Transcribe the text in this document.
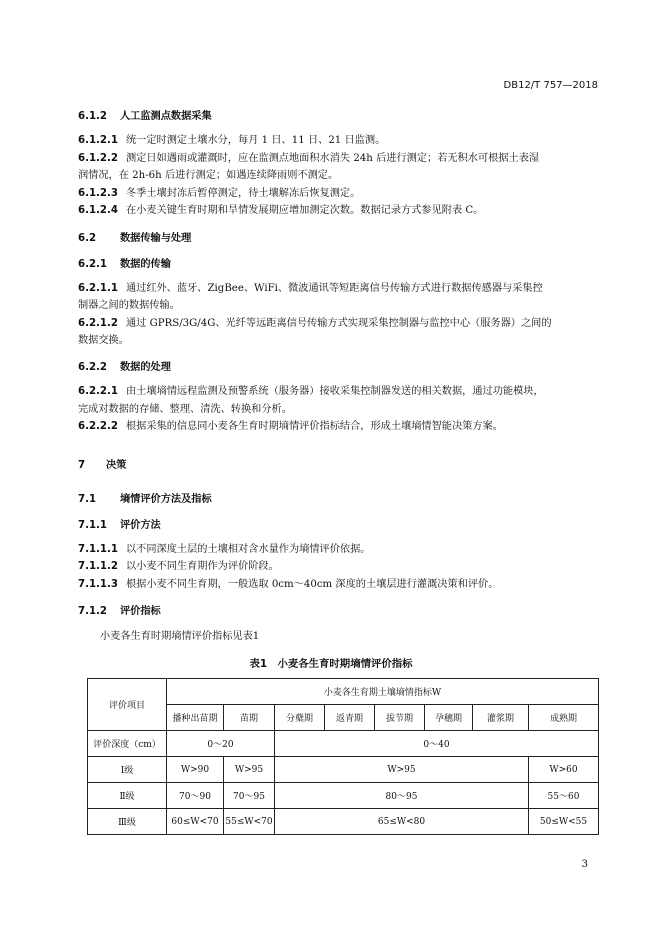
DB12/T 757—2018
6.1.2 人工监测点数据采集
6.1.2.1 统一定时测定土壤水分，每月 1 日、11 日、21 日监测。
6.1.2.2 测定日如遇雨或灌溉时，应在监测点地面积水消失 24h 后进行测定；若无积水可根据土表湿
润情况，在 2h-6h 后进行测定；如遇连续降雨则不测定。
6.1.2.3 冬季土壤封冻后暂停测定，待土壤解冻后恢复测定。
6.1.2.4 在小麦关键生育时期和旱情发展期应增加测定次数。数据记录方式参见附表 C。
6.2 数据传输与处理
6.2.1 数据的传输
6.2.1.1 通过红外、蓝牙、ZigBee、WiFi、微波通讯等短距离信号传输方式进行数据传感器与采集控
制器之间的数据传输。
6.2.1.2 通过 GPRS/3G/4G、光纤等远距离信号传输方式实现采集控制器与监控中心（服务器）之间的
数据交换。
6.2.2 数据的处理
6.2.2.1 由土壤墒情远程监测及预警系统（服务器）接收采集控制器发送的相关数据，通过功能模块，
完成对数据的存储、整理、清洗、转换和分析。
6.2.2.2 根据采集的信息同小麦各生育时期墒情评价指标结合，形成土壤墒情智能决策方案。
7 决策
7.1 墒情评价方法及指标
7.1.1 评价方法
7.1.1.1 以不同深度土层的土壤相对含水量作为墒情评价依据。
7.1.1.2 以小麦不同生育期作为评价阶段。
7.1.1.3 根据小麦不同生育期，一般选取 0cm～40cm 深度的土壤层进行灌溉决策和评价。
7.1.2 评价指标
小麦各生育时期墒情评价指标见表1
表1　小麦各生育时期墒情评价指标
评价项目	小麦各生育期土壤墒情指标W							
	播种出苗期	苗期	分蘖期	返青期	拔节期	孕穗期	灌浆期	成熟期
评价深度（cm）	0～20		0～40					
Ⅰ级	W>90	W>95	W>95					W>60
Ⅱ级	70～90	70～95	80～95					55～60
Ⅲ级	60≤W<70	55≤W<70	65≤W<80					50≤W<55
3
